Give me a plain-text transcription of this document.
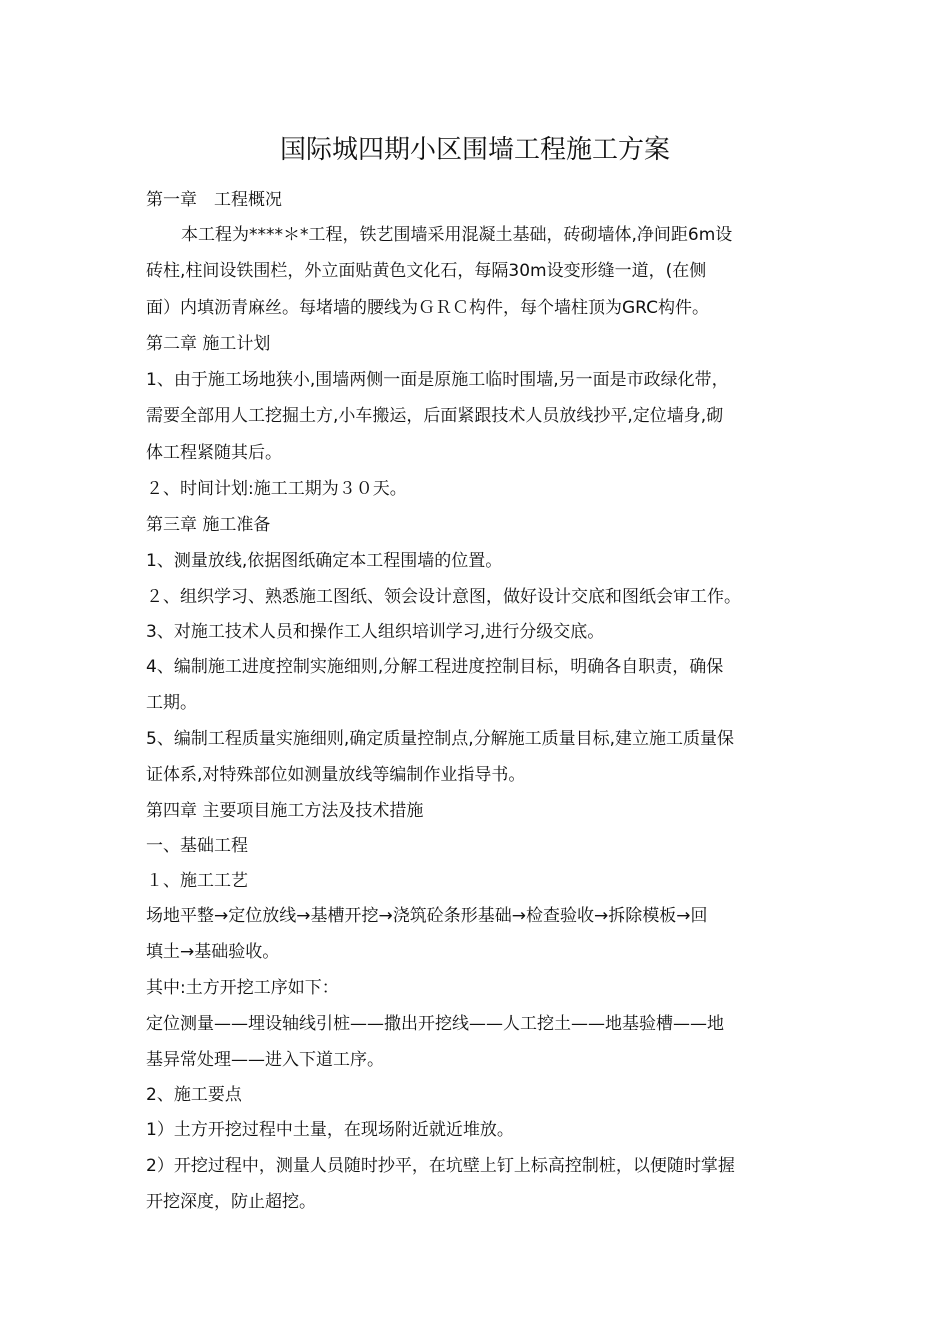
国际城四期小区围墙工程施工方案
第一章　工程概况
本工程为****＊*工程，铁艺围墙采用混凝土基础，砖砌墙体,净间距6m设
砖柱,柱间设铁围栏，外立面贴黄色文化石，每隔30m设变形缝一道，(在侧
面）内填沥青麻丝。每堵墙的腰线为ＧＲＣ构件，每个墙柱顶为GRC构件。
第二章 施工计划
1、由于施工场地狭小,围墙两侧一面是原施工临时围墙,另一面是市政绿化带，
需要全部用人工挖掘土方,小车搬运，后面紧跟技术人员放线抄平,定位墙身,砌
体工程紧随其后。
２、时间计划:施工工期为３０天。
第三章 施工准备
1、测量放线,依据图纸确定本工程围墙的位置。
２、组织学习、熟悉施工图纸、领会设计意图，做好设计交底和图纸会审工作。
3、对施工技术人员和操作工人组织培训学习,进行分级交底。
4、编制施工进度控制实施细则,分解工程进度控制目标，明确各自职责，确保
工期。
5、编制工程质量实施细则,确定质量控制点,分解施工质量目标,建立施工质量保
证体系,对特殊部位如测量放线等编制作业指导书。
第四章 主要项目施工方法及技术措施
一、基础工程
１、施工工艺
场地平整→定位放线→基槽开挖→浇筑砼条形基础→检查验收→拆除模板→回
填土→基础验收。
其中:土方开挖工序如下：
定位测量——埋设轴线引桩——撒出开挖线——人工挖土——地基验槽——地
基异常处理——进入下道工序。
2、施工要点
1）土方开挖过程中土量，在现场附近就近堆放。
2）开挖过程中，测量人员随时抄平，在坑壁上钉上标高控制桩，以便随时掌握
开挖深度，防止超挖。
